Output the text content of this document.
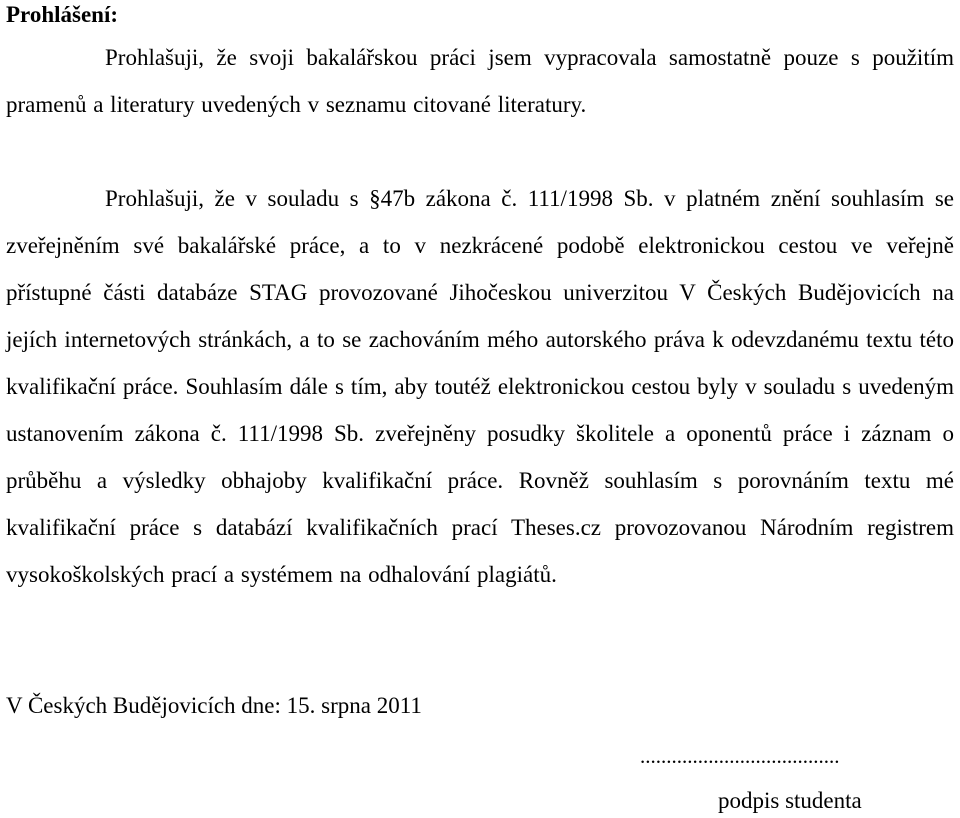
Prohlášení:

Prohlašuji, že svoji bakalářskou práci jsem vypracovala samostatně pouze s použitím pramenů a literatury uvedených v seznamu citované literatury.

Prohlašuji, že v souladu s §47b zákona č. 111/1998 Sb. v platném znění souhlasím se zveřejněním své bakalářské práce, a to v nezkrácené podobě elektronickou cestou ve veřejně přístupné části databáze STAG provozované Jihočeskou univerzitou V Českých Budějovicích na jejích internetových stránkách, a to se zachováním mého autorského práva k odevzdanému textu této kvalifikační práce. Souhlasím dále s tím, aby toutéž elektronickou cestou byly v souladu s uvedeným ustanovením zákona č. 111/1998 Sb. zveřejněny posudky školitele a oponentů práce i záznam o průběhu a výsledky obhajoby kvalifikační práce. Rovněž souhlasím s porovnáním textu mé kvalifikační práce s databází kvalifikačních prací Theses.cz provozovanou Národním registrem vysokoškolských prací a systémem na odhalování plagiátů.

V Českých Budějovicích dne: 15. srpna 2011

......................................

podpis studenta
